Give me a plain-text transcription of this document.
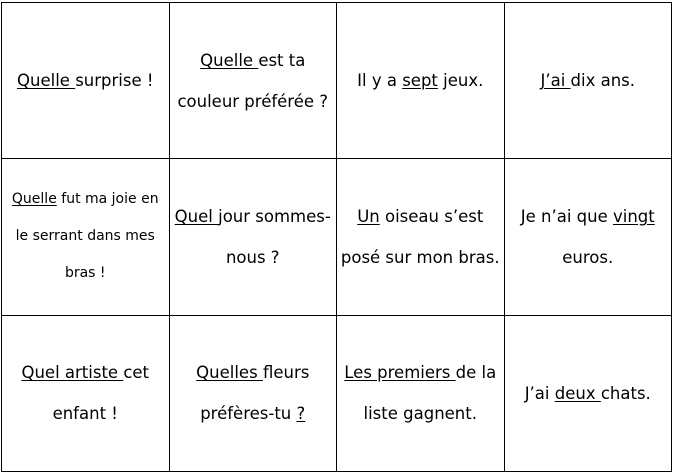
Quelle surprise !	Quelle est ta couleur préférée ?	Il y a sept jeux.	J’ai dix ans.
Quelle fut ma joie en le serrant dans mes bras !	Quel jour sommes-nous ?	Un oiseau s’est posé sur mon bras.	Je n’ai que vingt euros.
Quel artiste cet enfant !	Quelles fleurs préfères-tu ?	Les premiers de la liste gagnent.	J’ai deux chats.
